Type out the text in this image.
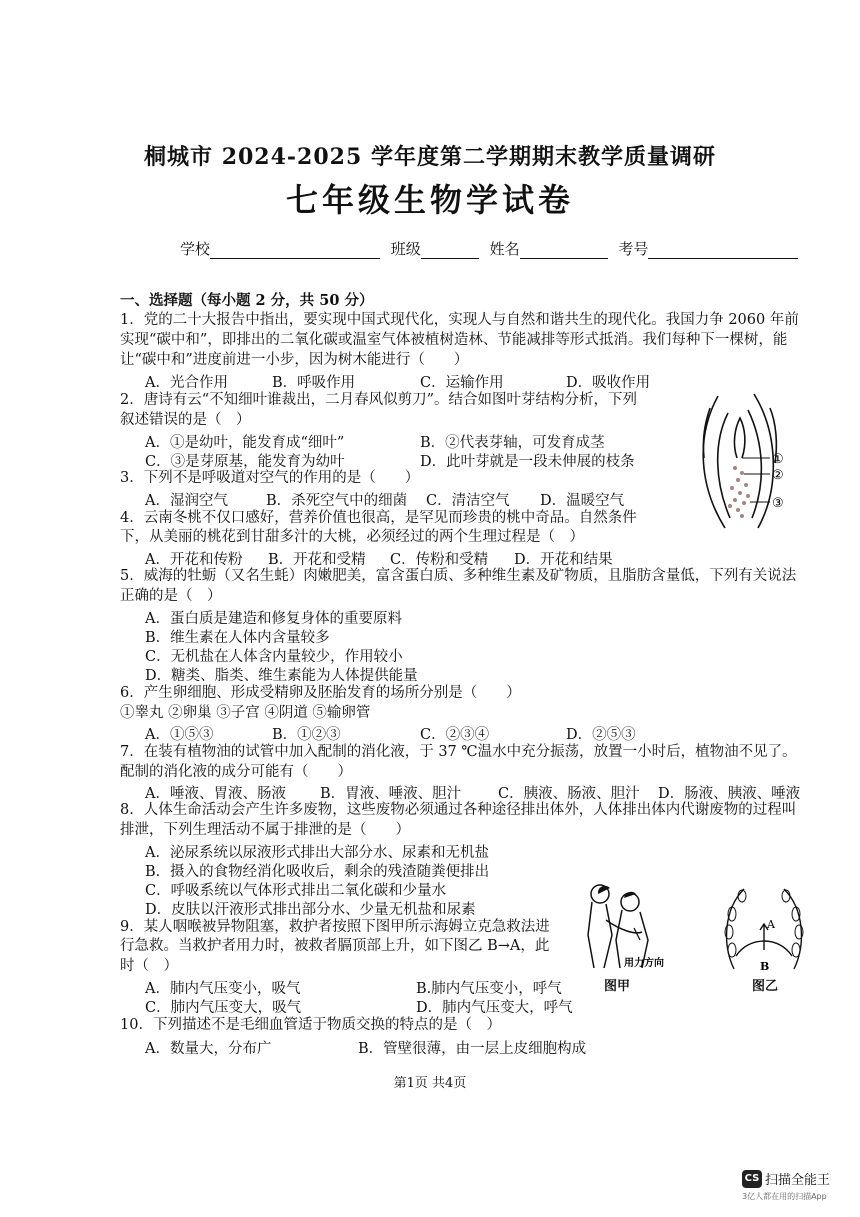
桐城市 2024-2025 学年度第二学期期末教学质量调研
七年级生物学试卷
学校	班级	姓名	考号
一、选择题（每小题 2 分，共 50 分）
1．党的二十大报告中指出，要实现中国式现代化，实现人与自然和谐共生的现代化。我国力争 2060 年前
实现“碳中和”，即排出的二氧化碳或温室气体被植树造林、节能减排等形式抵消。我们每种下一棵树，能
让“碳中和”进度前进一小步，因为树木能进行（　　）
A．光合作用	B．呼吸作用	C．运输作用	D．吸收作用
2．唐诗有云“不知细叶谁裁出，二月春风似剪刀”。结合如图叶芽结构分析，下列
叙述错误的是（　）
A．①是幼叶，能发育成“细叶”	B．②代表芽轴，可发育成茎
C．③是芽原基，能发育为幼叶	D．此叶芽就是一段未伸展的枝条
3．下列不是呼吸道对空气的作用的是（　　）
A．湿润空气	B．杀死空气中的细菌 C．清洁空气 D．温暖空气
4．云南冬桃不仅口感好，营养价值也很高，是罕见而珍贵的桃中奇品。自然条件
下，从美丽的桃花到甘甜多汁的大桃，必须经过的两个生理过程是（　）
A．开花和传粉 B．开花和受精 C．传粉和受精 D．开花和结果
5．威海的牡蛎（又名生蚝）肉嫩肥美，富含蛋白质、多种维生素及矿物质，且脂肪含量低，下列有关说法
正确的是（　）
A．蛋白质是建造和修复身体的重要原料
B．维生素在人体内含量较多
C．无机盐在人体含内量较少，作用较小
D．糖类、脂类、维生素能为人体提供能量
6．产生卵细胞、形成受精卵及胚胎发育的场所分别是（　　）
①睾丸 ②卵巢 ③子宫 ④阴道 ⑤输卵管
A．①⑤③	B．①②③	C．②③④	D．②⑤③
7．在装有植物油的试管中加入配制的消化液，于 37 ℃温水中充分振荡，放置一小时后，植物油不见了。
配制的消化液的成分可能有（　　）
A．唾液、胃液、肠液 B．胃液、唾液、胆汁	C．胰液、肠液、胆汁 D．肠液、胰液、唾液
8．人体生命活动会产生许多废物，这些废物必须通过各种途径排出体外，人体排出体内代谢废物的过程叫
排泄，下列生理活动不属于排泄的是（　　）
A．泌尿系统以尿液形式排出大部分水、尿素和无机盐
B．摄入的食物经消化吸收后，剩余的残渣随粪便排出
C．呼吸系统以气体形式排出二氧化碳和少量水
D．皮肤以汗液形式排出部分水、少量无机盐和尿素
9．某人咽喉被异物阻塞，救护者按照下图甲所示海姆立克急救法进
行急救。当救护者用力时，被救者膈顶部上升，如下图乙 B→A，此
时（　）
A．肺内气压变小，吸气	B.肺内气压变小，呼气
C．肺内气压变大，吸气	D．肺内气压变大，呼气
10．下列描述不是毛细血管适于物质交换的特点的是（　）
A．数量大，分布广	B．管壁很薄，由一层上皮细胞构成
①
②
③
用力方向
图甲
A
B
图乙
第1页 共4页
CS 扫描全能王
3亿人都在用的扫描App
